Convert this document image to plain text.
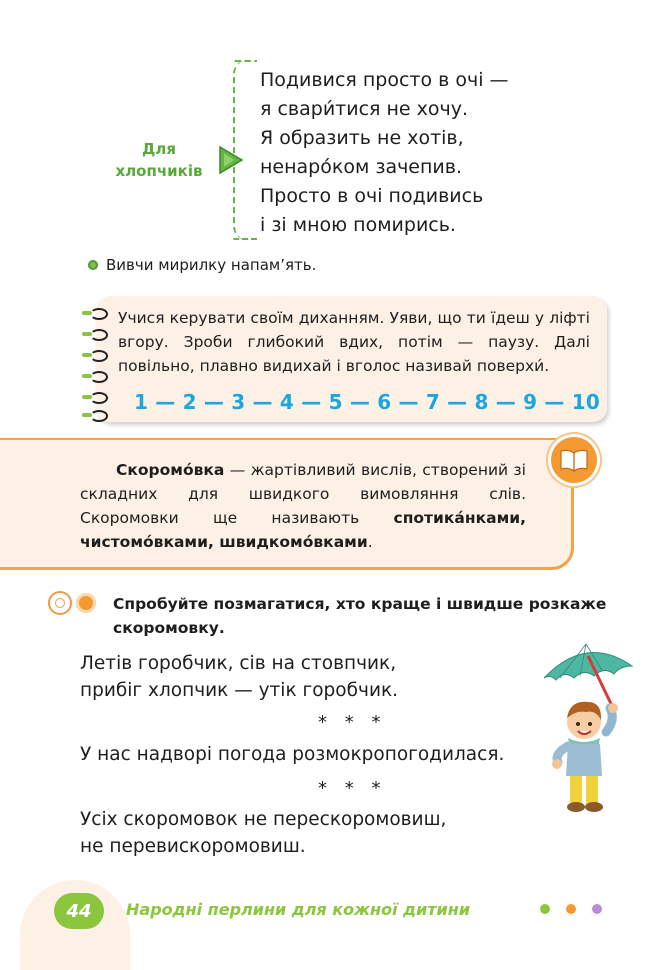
Для
хлопчиків
Подивися просто в очі —
я свари́тися не хочу.
Я образить не хотів,
ненаро́ком зачепив.
Просто в очі подивись
і зі мною помирись.
Вивчи мирилку напам’ять.
Учися керувати своїм диханням. Уяви, що ти їдеш у ліфті вгору. Зроби глибокий вдих, потім — паузу. Далі повільно, плавно видихай і вголос називай поверхи́.
1 — 2 — 3 — 4 — 5 — 6 — 7 — 8 — 9 — 10
Скоромо́вка — жартівливий вислів, створений зі складних для швидкого вимовляння слів. Скоромовки ще називають спотика́нками, чистомо́вками, швидкомо́вками.
Спробуйте позмагатися, хто краще і швидше розкаже скоромовку.
Летів горобчик, сів на стовпчик,
прибіг хлопчик — утік горобчик.
* * *
У нас надворі погода розмокропогодилася.
* * *
Усіх скоромовок не перескоромовиш,
не перевискоромовиш.
44	Народні перлини для кожної дитини
